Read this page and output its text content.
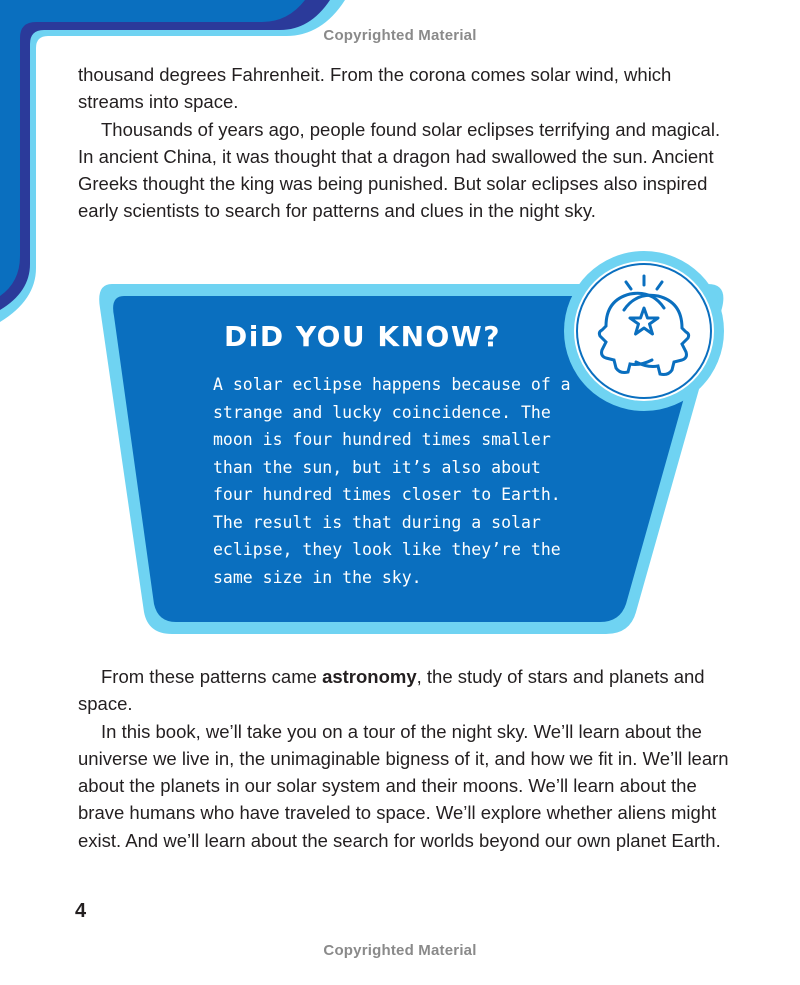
Copyrighted Material

thousand degrees Fahrenheit. From the corona comes solar wind, which streams into space.

Thousands of years ago, people found solar eclipses terrifying and magical. In ancient China, it was thought that a dragon had swallowed the sun. Ancient Greeks thought the king was being punished. But solar eclipses also inspired early scientists to search for patterns and clues in the night sky.

DiD YOU KNOW?
A solar eclipse happens because of a strange and lucky coincidence. The moon is four hundred times smaller than the sun, but it’s also about four hundred times closer to Earth. The result is that during a solar eclipse, they look like they’re the same size in the sky.

From these patterns came astronomy, the study of stars and planets and space.

In this book, we’ll take you on a tour of the night sky. We’ll learn about the universe we live in, the unimaginable bigness of it, and how we fit in. We’ll learn about the planets in our solar system and their moons. We’ll learn about the brave humans who have traveled to space. We’ll explore whether aliens might exist. And we’ll learn about the search for worlds beyond our own planet Earth.

4
Copyrighted Material
